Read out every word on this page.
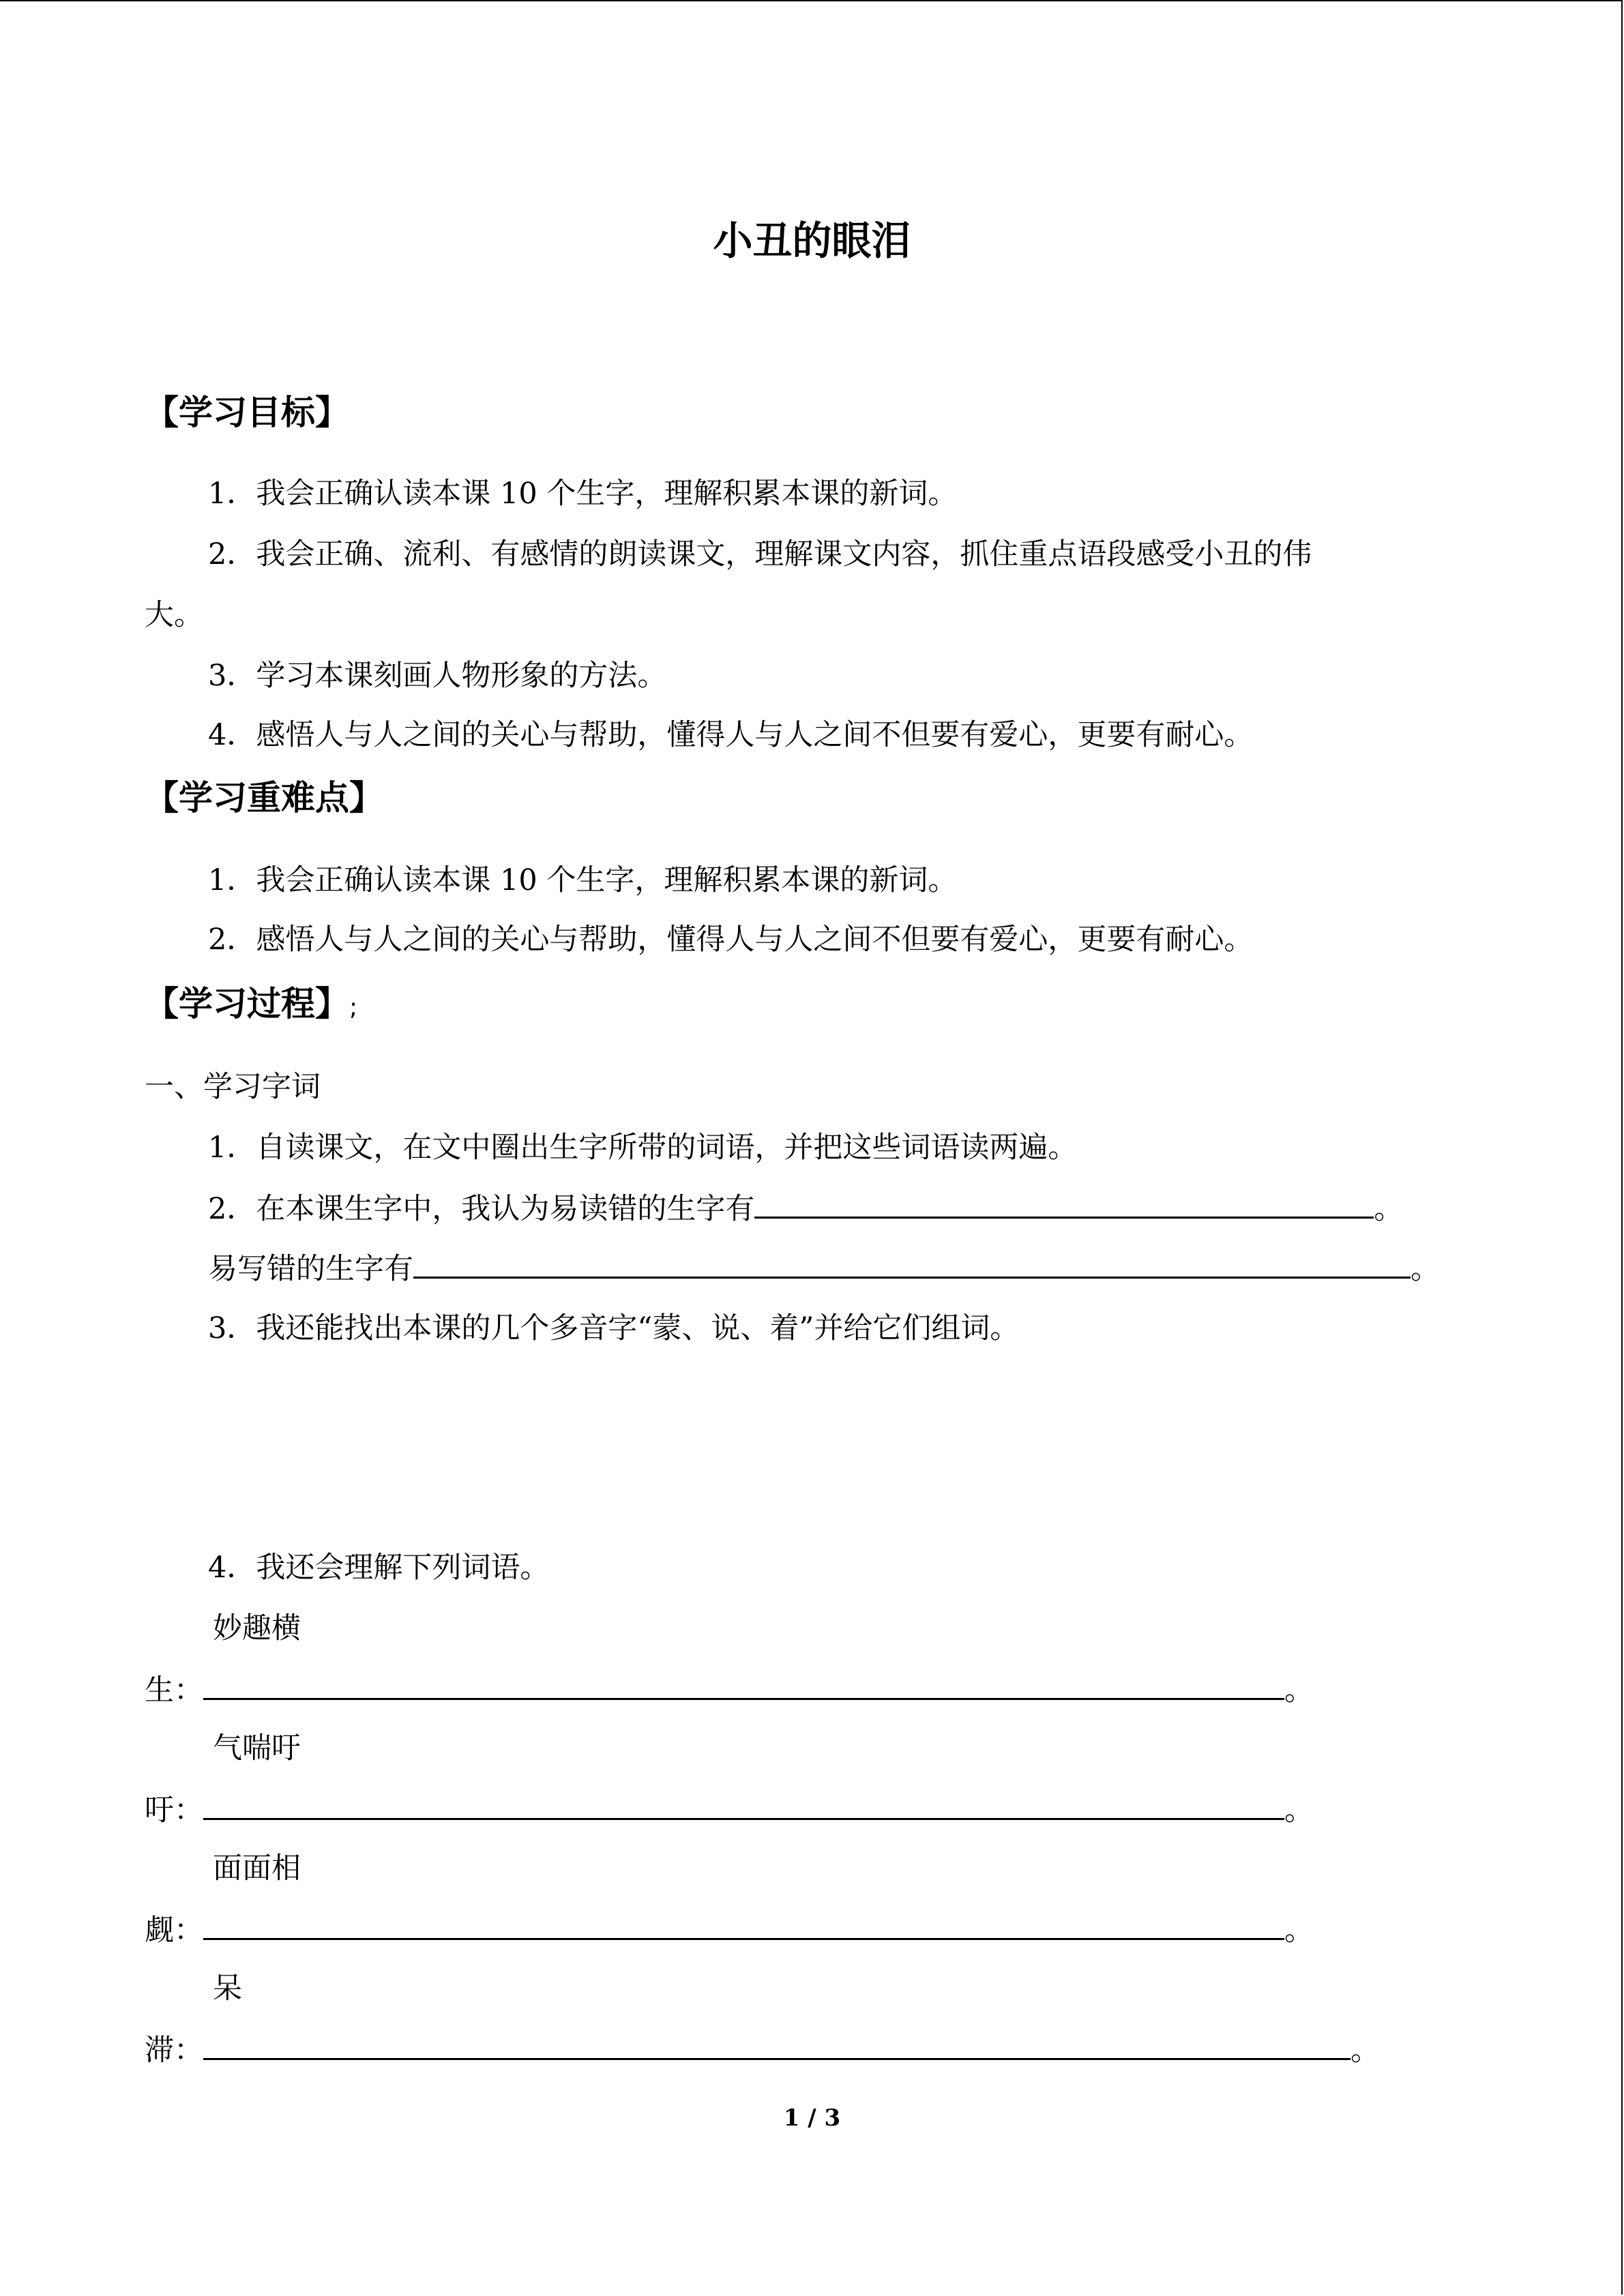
小丑的眼泪
【学习目标】
1．我会正确认读本课 10 个生字，理解积累本课的新词。
2．我会正确、流利、有感情的朗读课文，理解课文内容，抓住重点语段感受小丑的伟
大。
3．学习本课刻画人物形象的方法。
4．感悟人与人之间的关心与帮助，懂得人与人之间不但要有爱心，更要有耐心。
【学习重难点】
1．我会正确认读本课 10 个生字，理解积累本课的新词。
2．感悟人与人之间的关心与帮助，懂得人与人之间不但要有爱心，更要有耐心。
【学习过程】;
一、学习字词
1．自读课文，在文中圈出生字所带的词语，并把这些词语读两遍。
2．在本课生字中，我认为易读错的生字有	。
易写错的生字有	。
3．我还能找出本课的几个多音字“蒙、说、着”并给它们组词。
4．我还会理解下列词语。
妙趣横
生：	。
气喘吁
吁：	。
面面相
觑：	。
呆
滞：	。
1 / 3
